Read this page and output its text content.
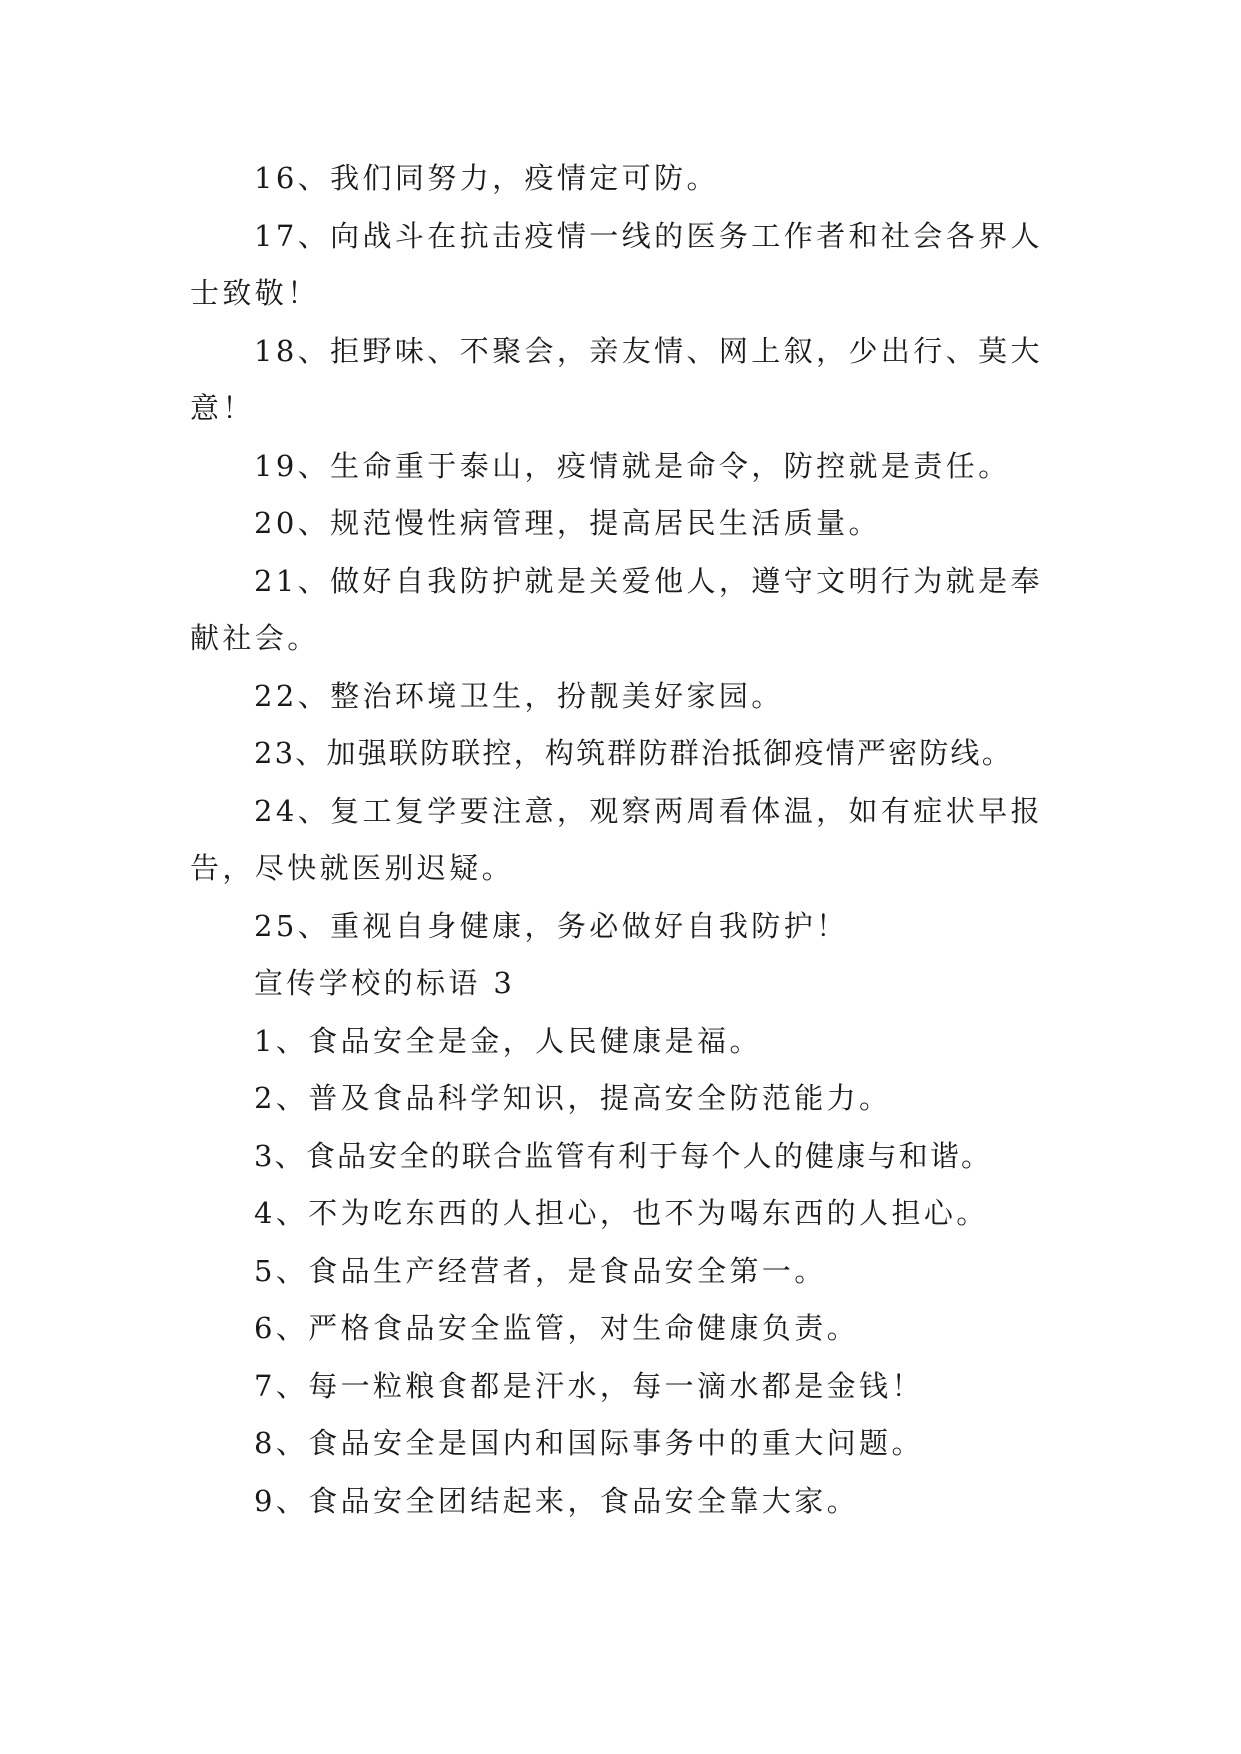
16、我们同努力，疫情定可防。

17、向战斗在抗击疫情一线的医务工作者和社会各界人士致敬！

18、拒野味、不聚会，亲友情、网上叙，少出行、莫大意！

19、生命重于泰山，疫情就是命令，防控就是责任。

20、规范慢性病管理，提高居民生活质量。

21、做好自我防护就是关爱他人，遵守文明行为就是奉献社会。

22、整治环境卫生，扮靓美好家园。

23、加强联防联控，构筑群防群治抵御疫情严密防线。

24、复工复学要注意，观察两周看体温，如有症状早报告，尽快就医别迟疑。

25、重视自身健康，务必做好自我防护！

宣传学校的标语 3

1、食品安全是金，人民健康是福。

2、普及食品科学知识，提高安全防范能力。

3、食品安全的联合监管有利于每个人的健康与和谐。

4、不为吃东西的人担心，也不为喝东西的人担心。

5、食品生产经营者，是食品安全第一。

6、严格食品安全监管，对生命健康负责。

7、每一粒粮食都是汗水，每一滴水都是金钱！

8、食品安全是国内和国际事务中的重大问题。

9、食品安全团结起来，食品安全靠大家。
